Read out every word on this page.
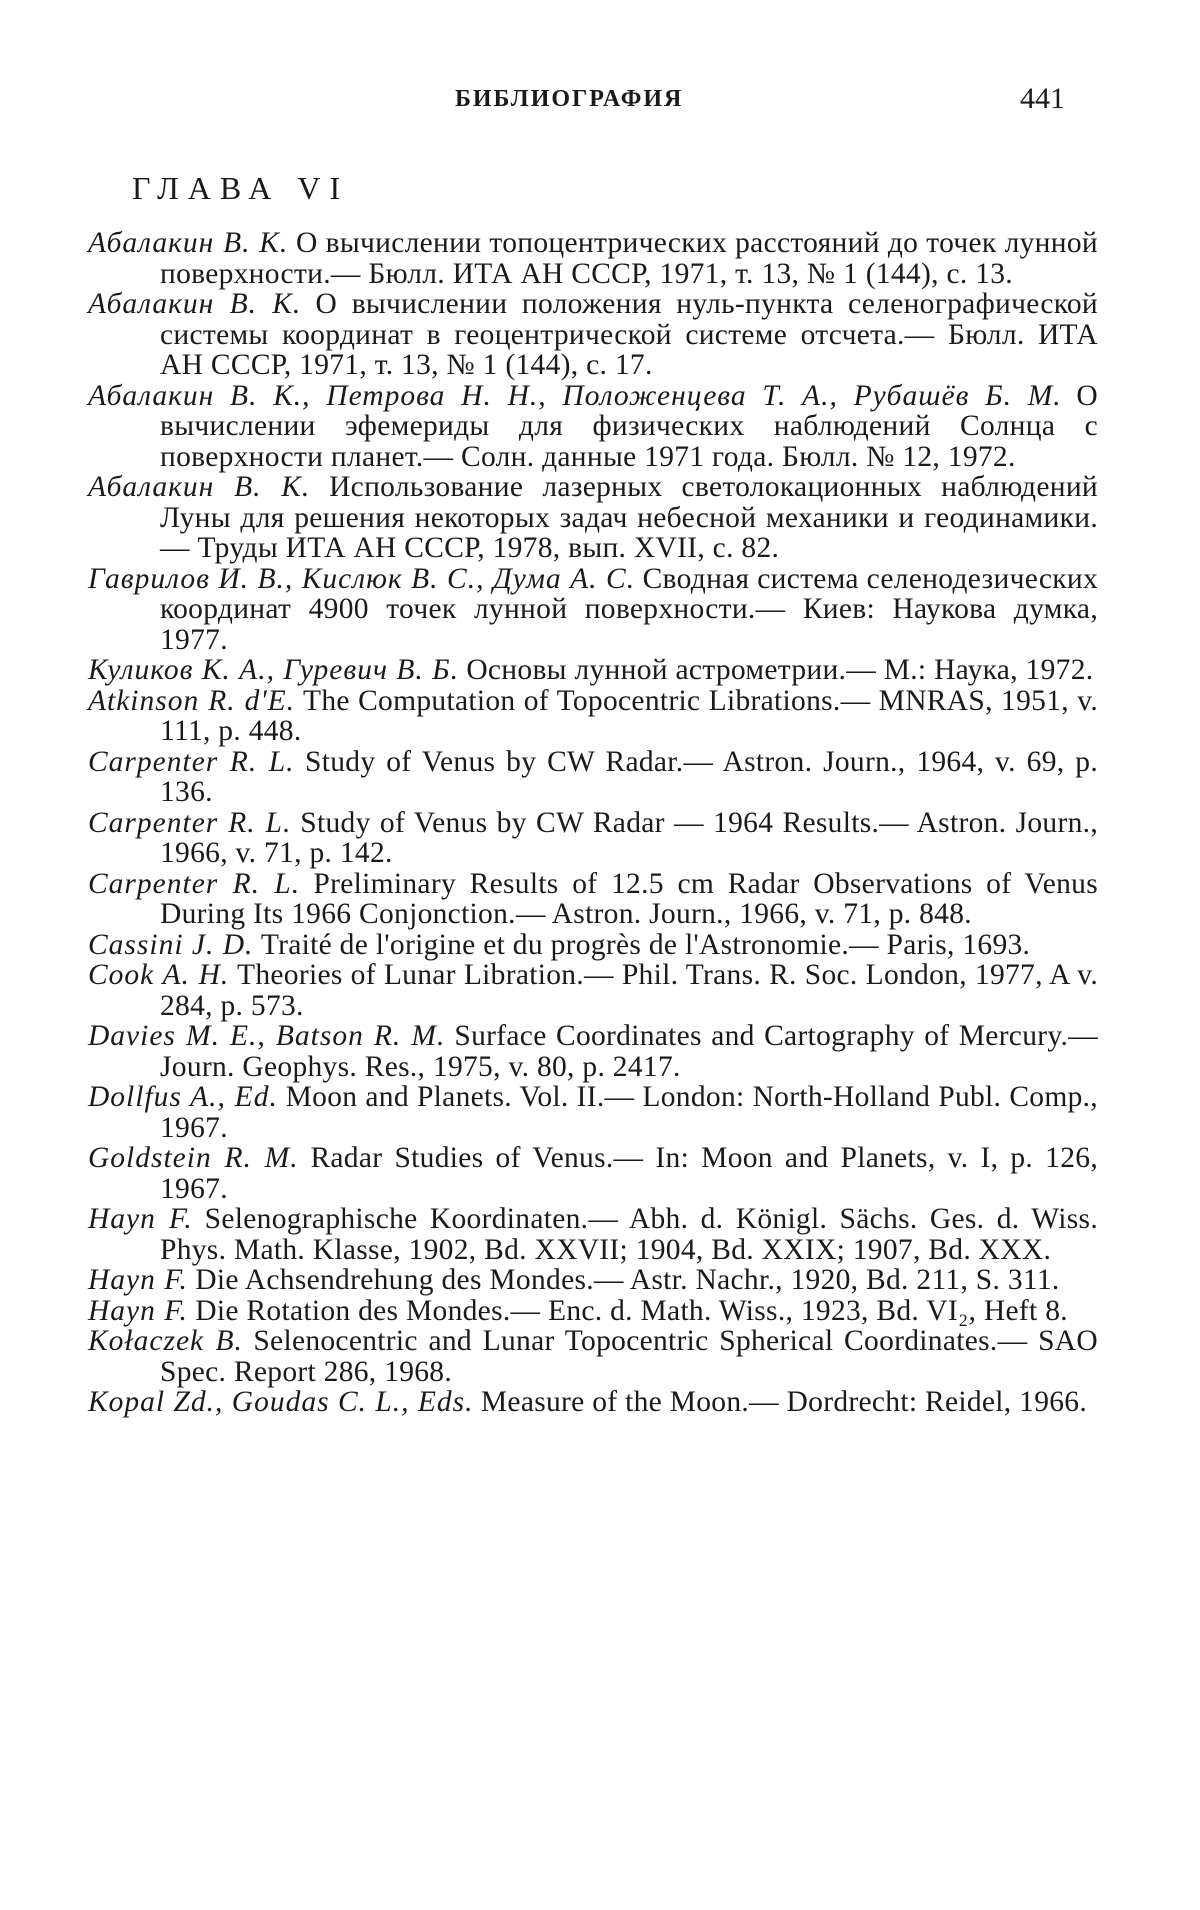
БИБЛИОГРАФИЯ	441
ГЛАВА VI
Абалакин В. К. О вычислении топоцентрических расстояний до точек лунной поверхности.— Бюлл. ИТА АН СССР, 1971, т. 13, № 1 (144), с. 13.
Абалакин В. К. О вычислении положения нуль-пункта селенографической системы координат в геоцентрической системе отсчета.— Бюлл. ИТА АН СССР, 1971, т. 13, № 1 (144), с. 17.
Абалакин В. К., Петрова Н. Н., Положенцева Т. А., Рубашёв Б. М. О вычислении эфемериды для физических наблюдений Солнца с поверхности планет.— Солн. данные 1971 года. Бюлл. № 12, 1972.
Абалакин В. К. Использование лазерных светолокационных наблюдений Луны для решения некоторых задач небесной механики и геодинамики.— Труды ИТА АН СССР, 1978, вып. XVII, с. 82.
Гаврилов И. В., Кислюк В. С., Дума А. С. Сводная система селенодезических координат 4900 точек лунной поверхности.— Киев: Наукова думка, 1977.
Куликов К. А., Гуревич В. Б. Основы лунной астрометрии.— М.: Наука, 1972.
Atkinson R. d'E. The Computation of Topocentric Librations.— MNRAS, 1951, v. 111, p. 448.
Carpenter R. L. Study of Venus by CW Radar.— Astron. Journ., 1964, v. 69, p. 136.
Carpenter R. L. Study of Venus by CW Radar — 1964 Results.— Astron. Journ., 1966, v. 71, p. 142.
Carpenter R. L. Preliminary Results of 12.5 cm Radar Observations of Venus During Its 1966 Conjonction.— Astron. Journ., 1966, v. 71, p. 848.
Cassini J. D. Traité de l'origine et du progrès de l'Astronomie.— Paris, 1693.
Cook A. H. Theories of Lunar Libration.— Phil. Trans. R. Soc. London, 1977, A v. 284, p. 573.
Davies M. E., Batson R. M. Surface Coordinates and Cartography of Mercury.— Journ. Geophys. Res., 1975, v. 80, p. 2417.
Dollfus A., Ed. Moon and Planets. Vol. II.— London: North-Holland Publ. Comp., 1967.
Goldstein R. M. Radar Studies of Venus.— In: Moon and Planets, v. I, p. 126, 1967.
Hayn F. Selenographische Koordinaten.— Abh. d. Königl. Sächs. Ges. d. Wiss. Phys. Math. Klasse, 1902, Bd. XXVII; 1904, Bd. XXIX; 1907, Bd. XXX.
Hayn F. Die Achsendrehung des Mondes.— Astr. Nachr., 1920, Bd. 211, S. 311.
Hayn F. Die Rotation des Mondes.— Enc. d. Math. Wiss., 1923, Bd. VI₂, Heft 8.
Kołaczek B. Selenocentric and Lunar Topocentric Spherical Coordinates.— SAO Spec. Report 286, 1968.
Kopal Zd., Goudas C. L., Eds. Measure of the Moon.— Dordrecht: Reidel, 1966.
